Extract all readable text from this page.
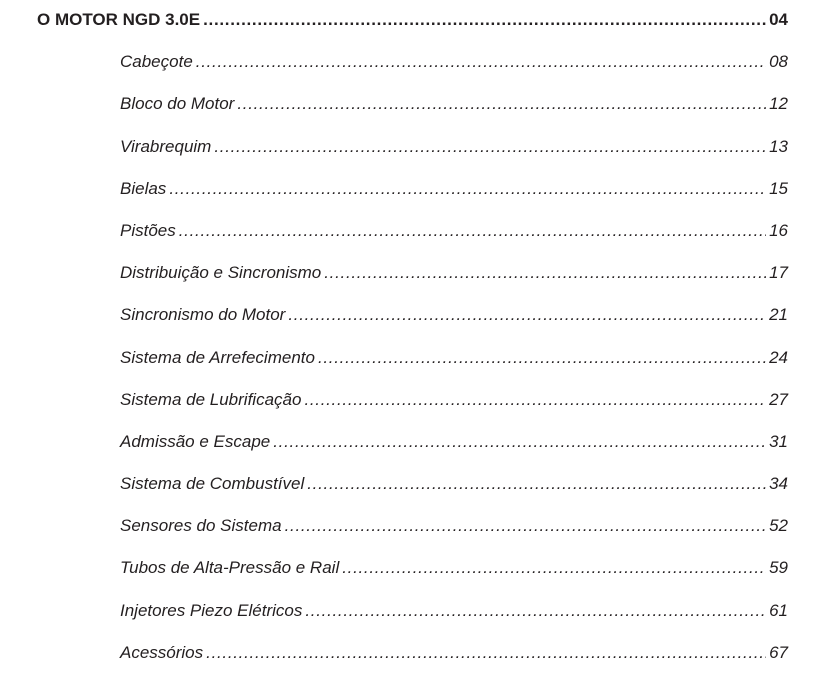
O MOTOR NGD 3.0E .....	04
Cabeçote .....	08
Bloco do Motor .....	12
Virabrequim .....	13
Bielas .....	15
Pistões .....	16
Distribuição e Sincronismo .....	17
Sincronismo do Motor .....	21
Sistema de Arrefecimento .....	24
Sistema de Lubrificação .....	27
Admissão e Escape .....	31
Sistema de Combustível .....	34
Sensores do Sistema .....	52
Tubos de Alta-Pressão e Rail .....	59
Injetores Piezo Elétricos .....	61
Acessórios .....	67
